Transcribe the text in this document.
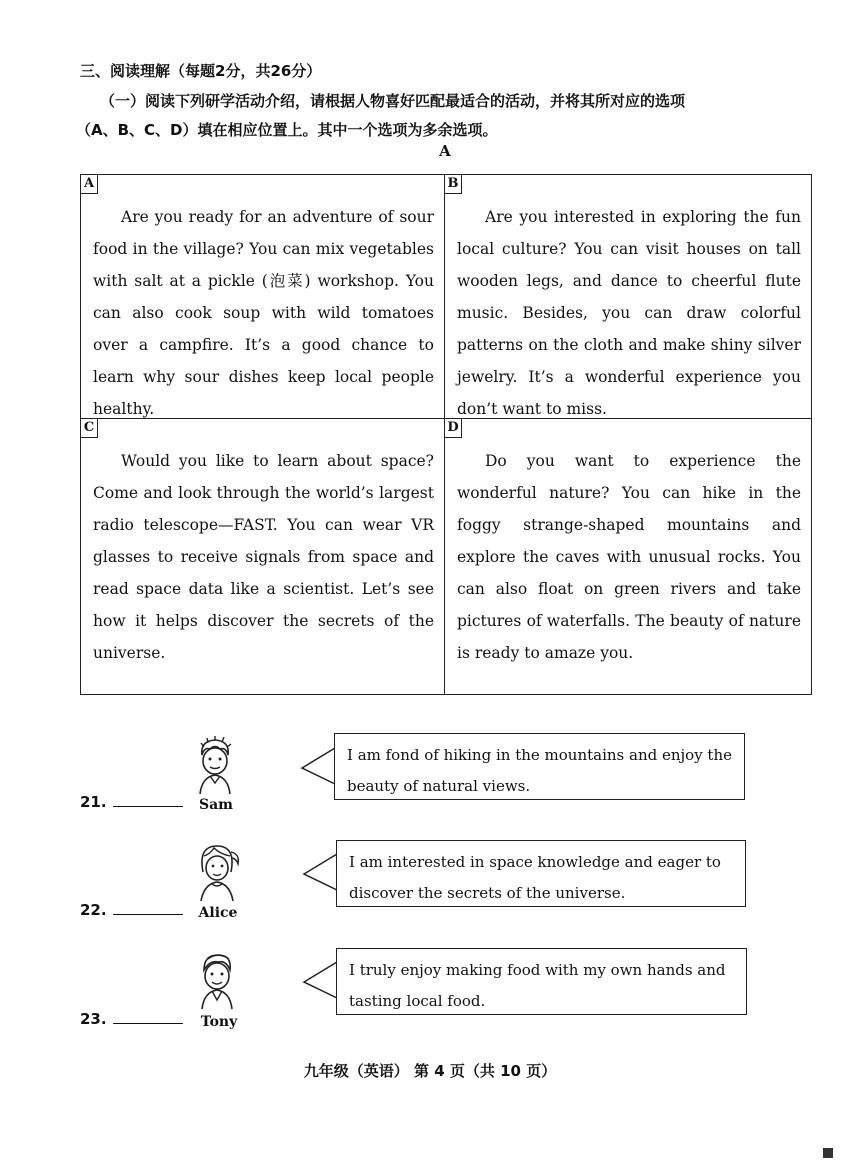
三、阅读理解（每题2分，共26分）
（一）阅读下列研学活动介绍，请根据人物喜好匹配最适合的活动，并将其所对应的选项
（A、B、C、D）填在相应位置上。其中一个选项为多余选项。
A
A
Are you ready for an adventure of sour food in the village? You can mix vegetables with salt at a pickle (泡菜) workshop. You can also cook soup with wild tomatoes over a campfire. It’s a good chance to learn why sour dishes keep local people healthy.
B
Are you interested in exploring the fun local culture? You can visit houses on tall wooden legs, and dance to cheerful flute music. Besides, you can draw colorful patterns on the cloth and make shiny silver jewelry. It’s a wonderful experience you don’t want to miss.
C
Would you like to learn about space? Come and look through the world’s largest radio telescope—FAST. You can wear VR glasses to receive signals from space and read space data like a scientist. Let’s see how it helps discover the secrets of the universe.
D
Do you want to experience the wonderful nature? You can hike in the foggy strange-shaped mountains and explore the caves with unusual rocks. You can also float on green rivers and take pictures of waterfalls. The beauty of nature is ready to amaze you.
Sam
21.
I am fond of hiking in the mountains and enjoy the beauty of natural views.
Alice
22.
I am interested in space knowledge and eager to discover the secrets of the universe.
Tony
23.
I truly enjoy making food with my own hands and tasting local food.
九年级（英语） 第 4 页（共 10 页）
